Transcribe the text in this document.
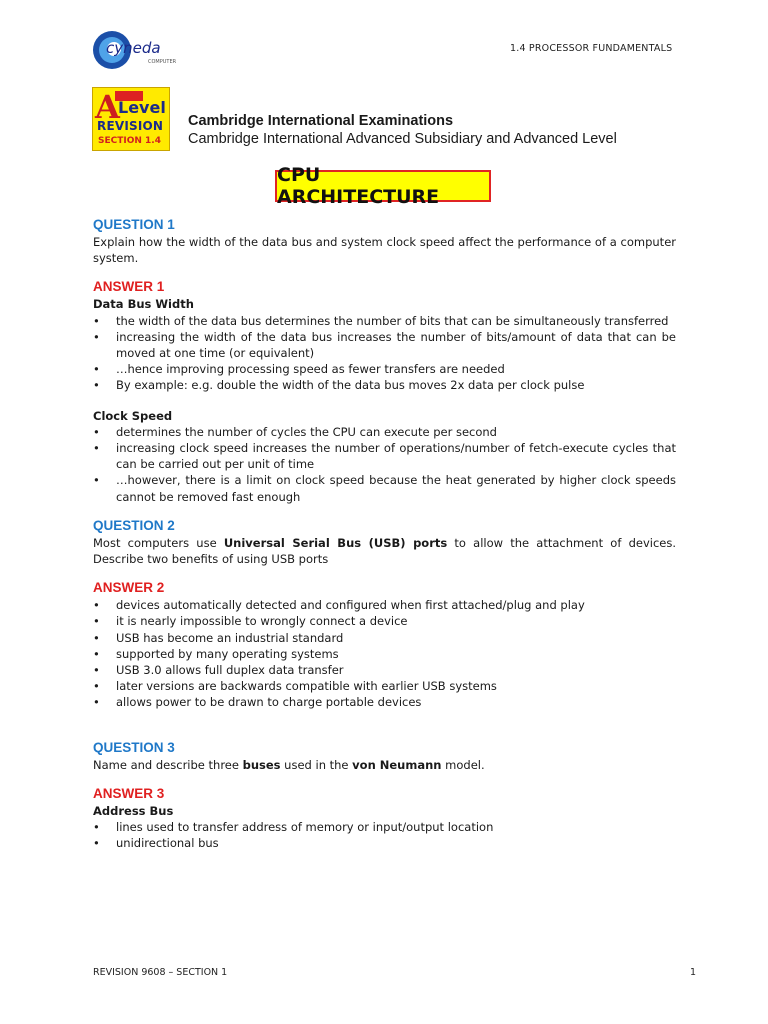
cyneda
COMPUTER
1.4 PROCESSOR FUNDAMENTALS
A
Level
REVISION
SECTION 1.4
Cambridge International Examinations
Cambridge International Advanced Subsidiary and Advanced Level
CPU ARCHITECTURE
QUESTION 1

Explain how the width of the data bus and system clock speed affect the performance of a computer system.

ANSWER 1
Data Bus Width
• the width of the data bus determines the number of bits that can be simultaneously transferred
• increasing the width of the data bus increases the number of bits/amount of data that can be moved at one time (or equivalent)
• …hence improving processing speed as fewer transfers are needed
• By example: e.g. double the width of the data bus moves 2x data per clock pulse
Clock Speed
• determines the number of cycles the CPU can execute per second
• increasing clock speed increases the number of operations/number of fetch-execute cycles that can be carried out per unit of time
• …however, there is a limit on clock speed because the heat generated by higher clock speeds cannot be removed fast enough
QUESTION 2

Most computers use Universal Serial Bus (USB) ports to allow the attachment of devices. Describe two benefits of using USB ports

ANSWER 2
• devices automatically detected and configured when first attached/plug and play
• it is nearly impossible to wrongly connect a device
• USB has become an industrial standard
• supported by many operating systems
• USB 3.0 allows full duplex data transfer
• later versions are backwards compatible with earlier USB systems
• allows power to be drawn to charge portable devices
QUESTION 3

Name and describe three buses used in the von Neumann model.

ANSWER 3
Address Bus
• lines used to transfer address of memory or input/output location
• unidirectional bus
REVISION 9608 – SECTION 1	1
